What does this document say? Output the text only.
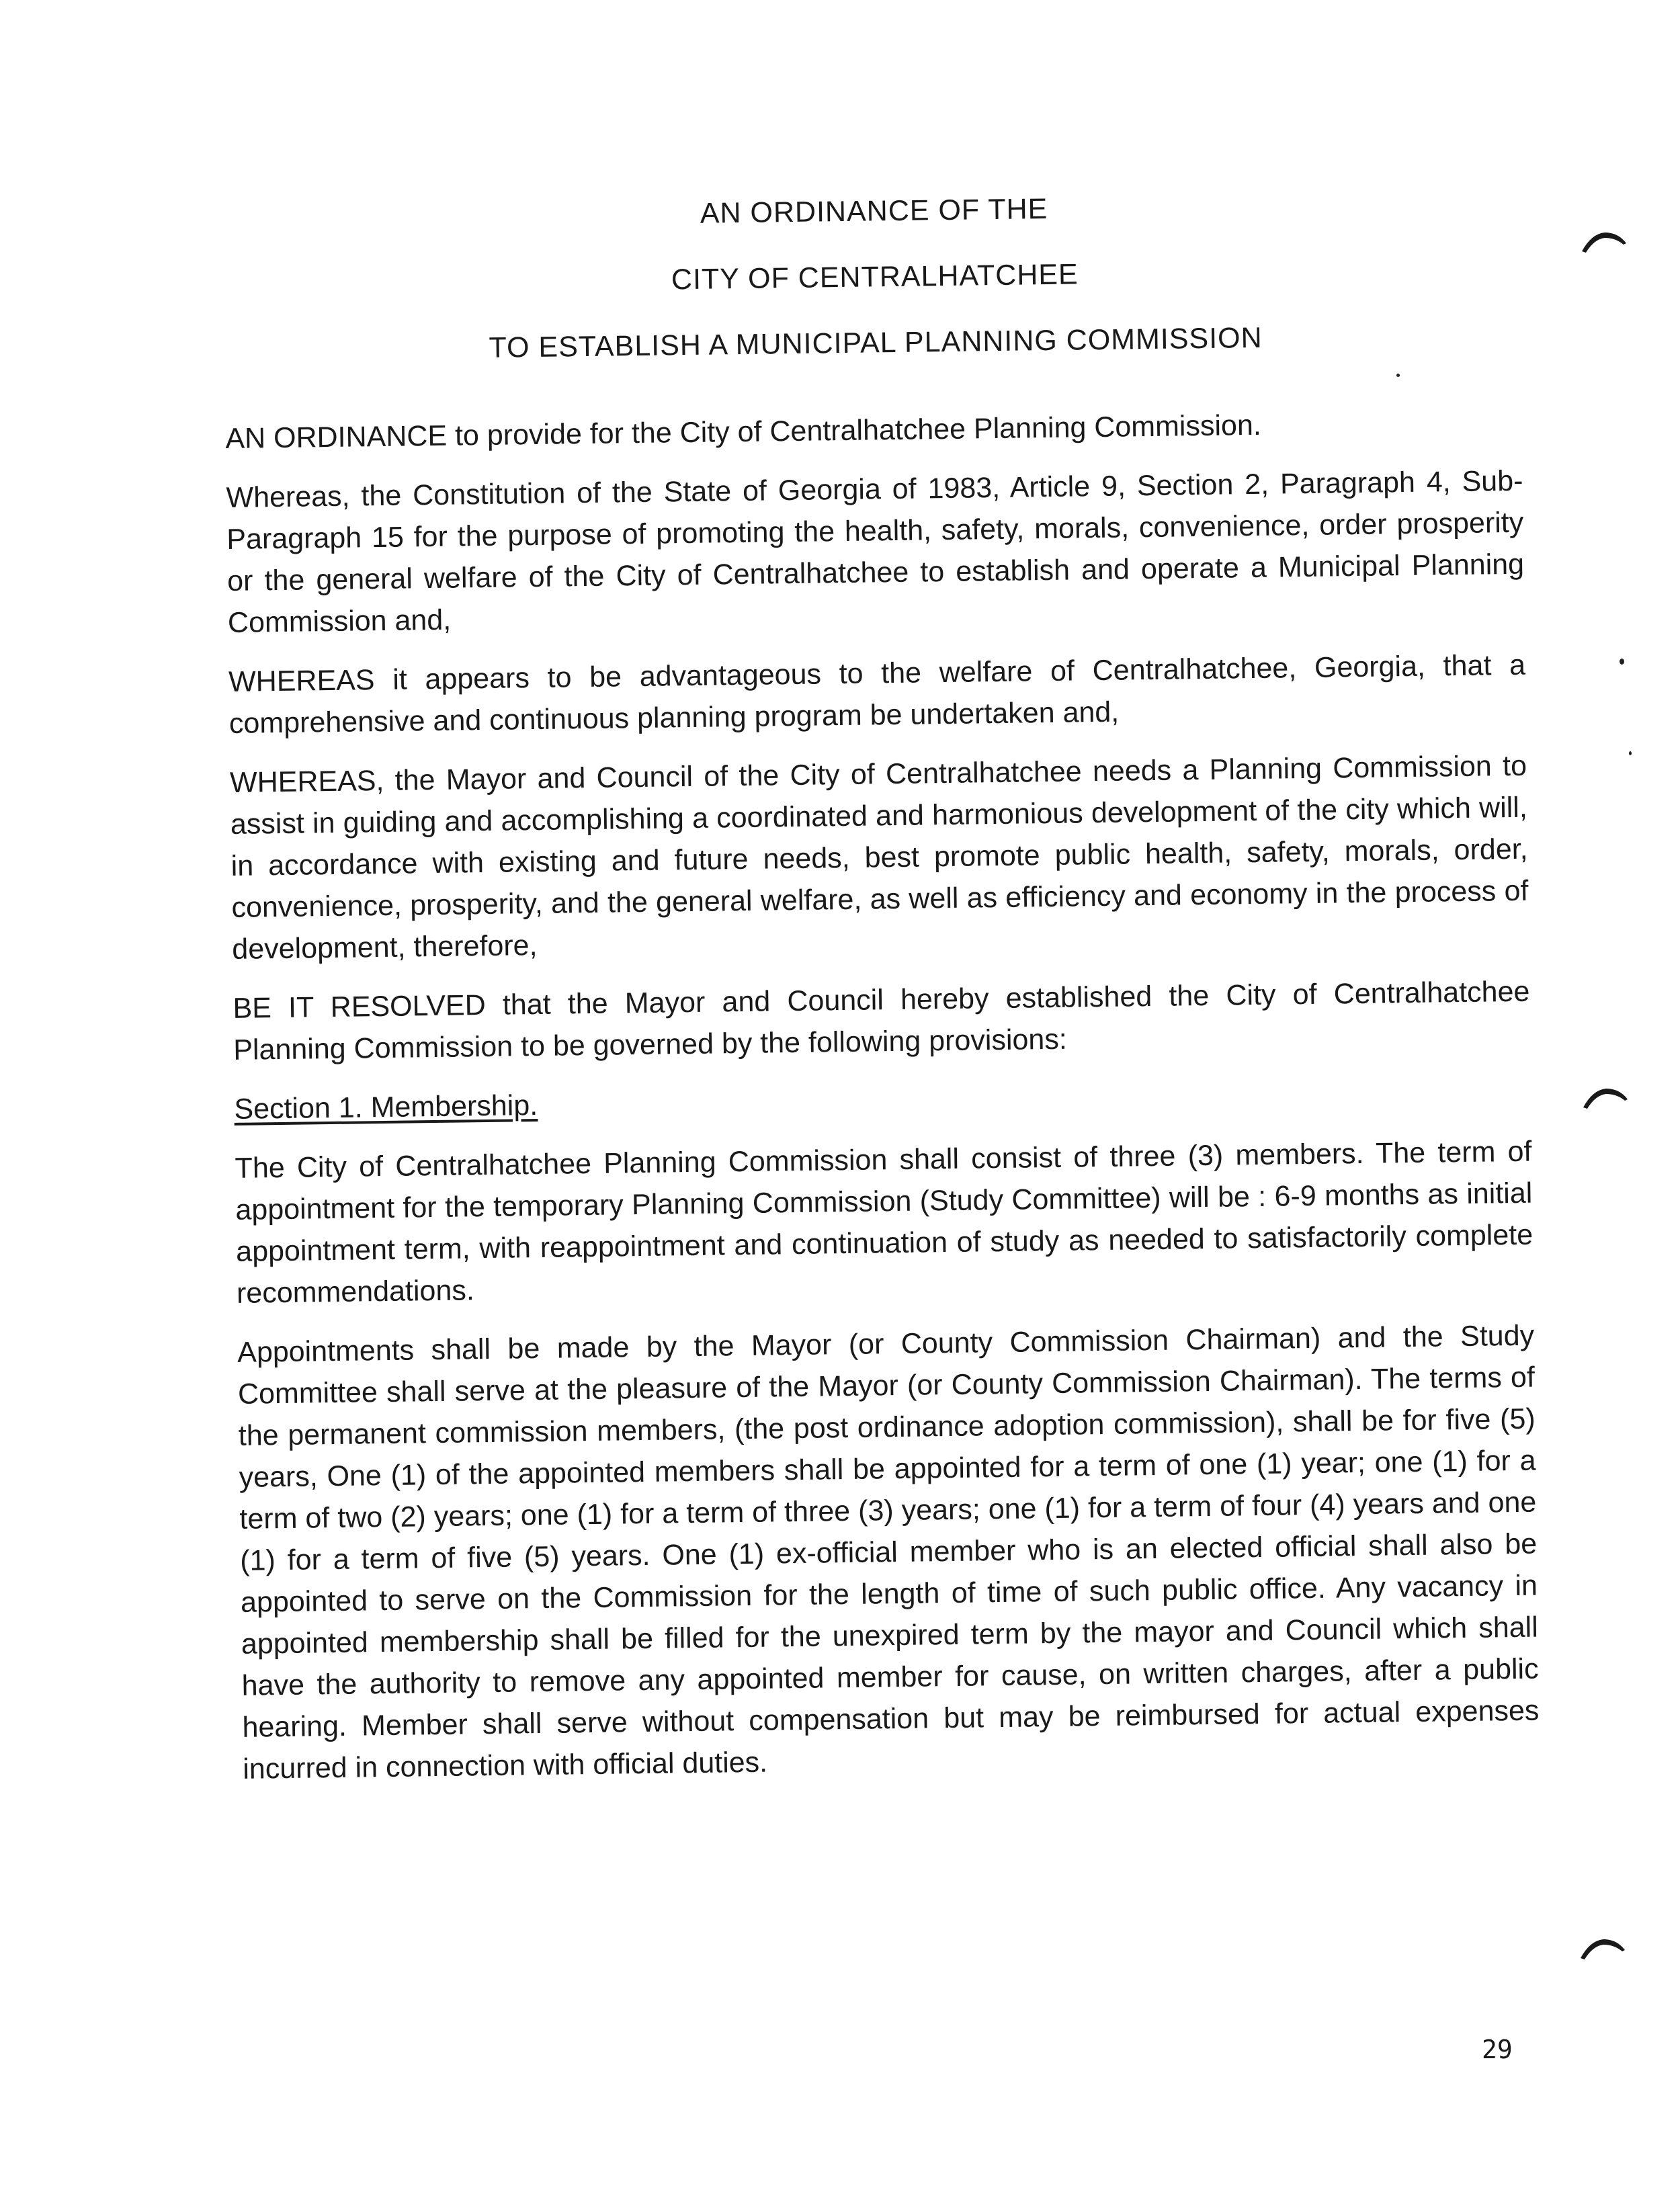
AN ORDINANCE OF THE

CITY OF CENTRALHATCHEE

TO ESTABLISH A MUNICIPAL PLANNING COMMISSION

AN ORDINANCE to provide for the City of Centralhatchee Planning Commission.

Whereas, the Constitution of the State of Georgia of 1983, Article 9, Section 2, Paragraph 4, Sub-Paragraph 15 for the purpose of promoting the health, safety, morals, convenience, order prosperity or the general welfare of the City of Centralhatchee to establish and operate a Municipal Planning Commission and,

WHEREAS it appears to be advantageous to the welfare of Centralhatchee, Georgia, that a comprehensive and continuous planning program be undertaken and,

WHEREAS, the Mayor and Council of the City of Centralhatchee needs a Planning Commission to assist in guiding and accomplishing a coordinated and harmonious development of the city which will, in accordance with existing and future needs, best promote public health, safety, morals, order, convenience, prosperity, and the general welfare, as well as efficiency and economy in the process of development, therefore,

BE IT RESOLVED that the Mayor and Council hereby established the City of Centralhatchee Planning Commission to be governed by the following provisions:

Section 1. Membership.

The City of Centralhatchee Planning Commission shall consist of three (3) members. The term of appointment for the temporary Planning Commission (Study Committee) will be : 6-9 months as initial appointment term, with reappointment and continuation of study as needed to satisfactorily complete recommendations.

Appointments shall be made by the Mayor (or County Commission Chairman) and the Study Committee shall serve at the pleasure of the Mayor (or County Commission Chairman). The terms of the permanent commission members, (the post ordinance adoption commission), shall be for five (5) years, One (1) of the appointed members shall be appointed for a term of one (1) year; one (1) for a term of two (2) years; one (1) for a term of three (3) years; one (1) for a term of four (4) years and one (1) for a term of five (5) years. One (1) ex-official member who is an elected official shall also be appointed to serve on the Commission for the length of time of such public office. Any vacancy in appointed membership shall be filled for the unexpired term by the mayor and Council which shall have the authority to remove any appointed member for cause, on written charges, after a public hearing. Member shall serve without compensation but may be reimbursed for actual expenses incurred in connection with official duties.

29
